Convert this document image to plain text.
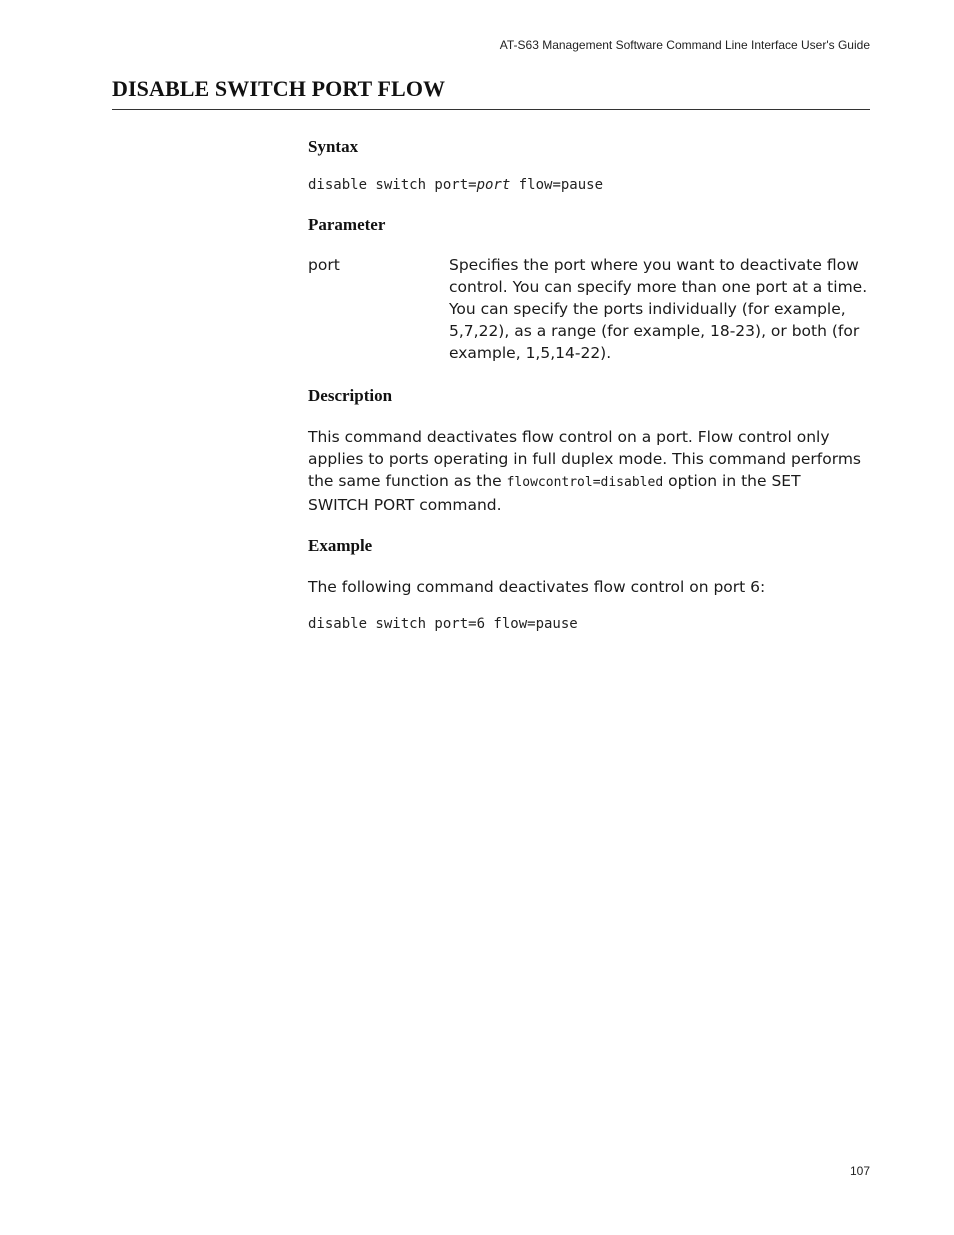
AT-S63 Management Software Command Line Interface User's Guide
DISABLE SWITCH PORT FLOW
Syntax
disable switch port=port flow=pause
Parameter
port	Specifies the port where you want to deactivate flow
control. You can specify more than one port at a time.
You can specify the ports individually (for example,
5,7,22), as a range (for example, 18-23), or both (for
example, 1,5,14-22).
Description
This command deactivates flow control on a port. Flow control only
applies to ports operating in full duplex mode. This command performs
the same function as the flowcontrol=disabled option in the SET
SWITCH PORT command.
Example
The following command deactivates flow control on port 6:
disable switch port=6 flow=pause
107
